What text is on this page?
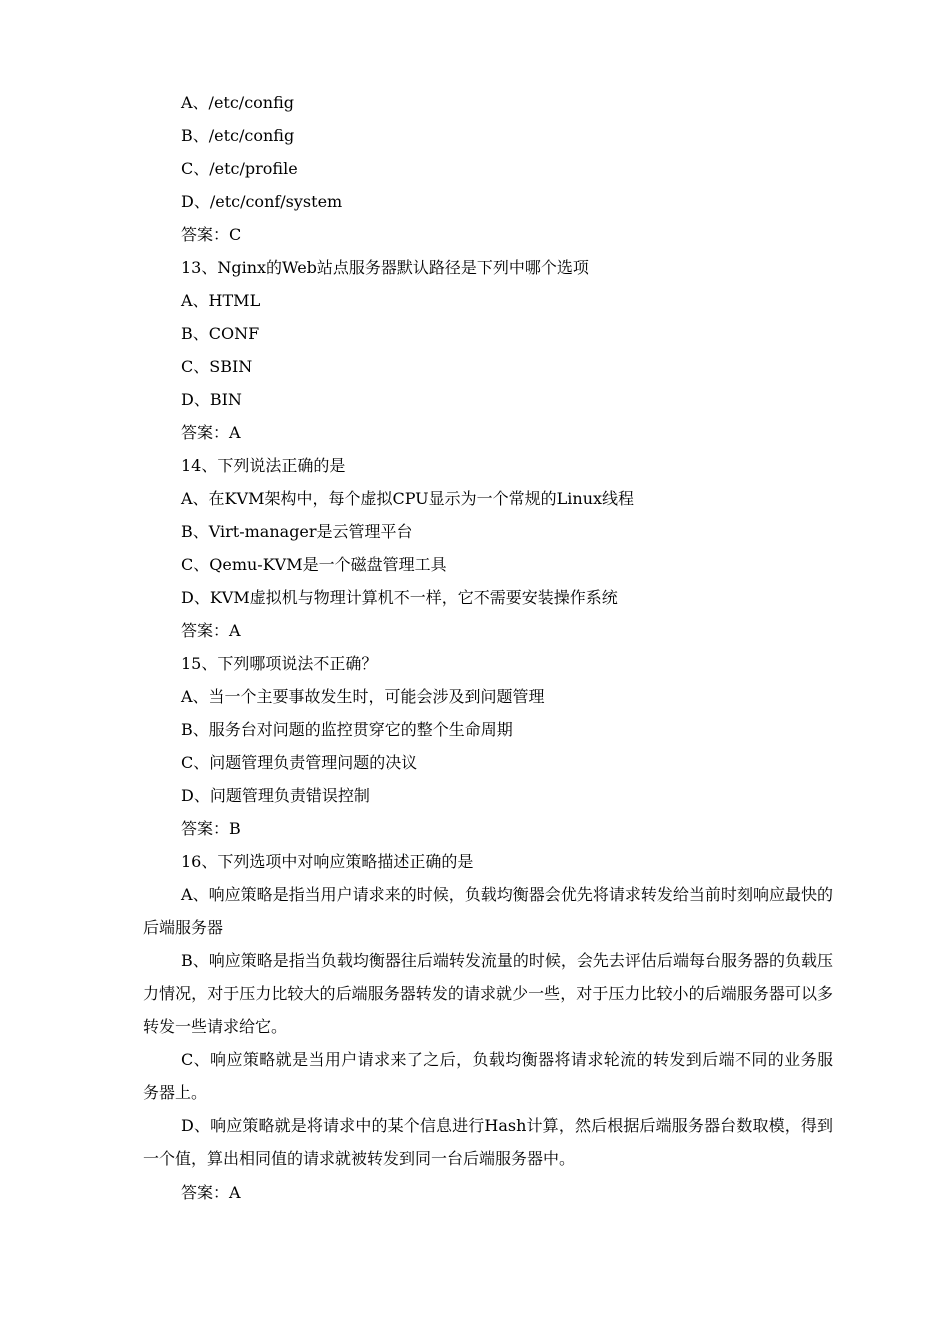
A、/etc/config
B、/etc/config
C、/etc/profile
D、/etc/conf/system
答案：C
13、Nginx的Web站点服务器默认路径是下列中哪个选项
A、HTML
B、CONF
C、SBIN
D、BIN
答案：A
14、下列说法正确的是
A、在KVM架构中，每个虚拟CPU显示为一个常规的Linux线程
B、Virt-manager是云管理平台
C、Qemu-KVM是一个磁盘管理工具
D、KVM虚拟机与物理计算机不一样，它不需要安装操作系统
答案：A
15、下列哪项说法不正确？
A、当一个主要事故发生时，可能会涉及到问题管理
B、服务台对问题的监控贯穿它的整个生命周期
C、问题管理负责管理问题的决议
D、问题管理负责错误控制
答案：B
16、下列选项中对响应策略描述正确的是
A、响应策略是指当用户请求来的时候，负载均衡器会优先将请求转发给当前时刻响应最快的后端服务器
B、响应策略是指当负载均衡器往后端转发流量的时候，会先去评估后端每台服务器的负载压力情况，对于压力比较大的后端服务器转发的请求就少一些，对于压力比较小的后端服务器可以多转发一些请求给它。
C、响应策略就是当用户请求来了之后，负载均衡器将请求轮流的转发到后端不同的业务服务器上。
D、响应策略就是将请求中的某个信息进行Hash计算，然后根据后端服务器台数取模，得到一个值，算出相同值的请求就被转发到同一台后端服务器中。
答案：A
